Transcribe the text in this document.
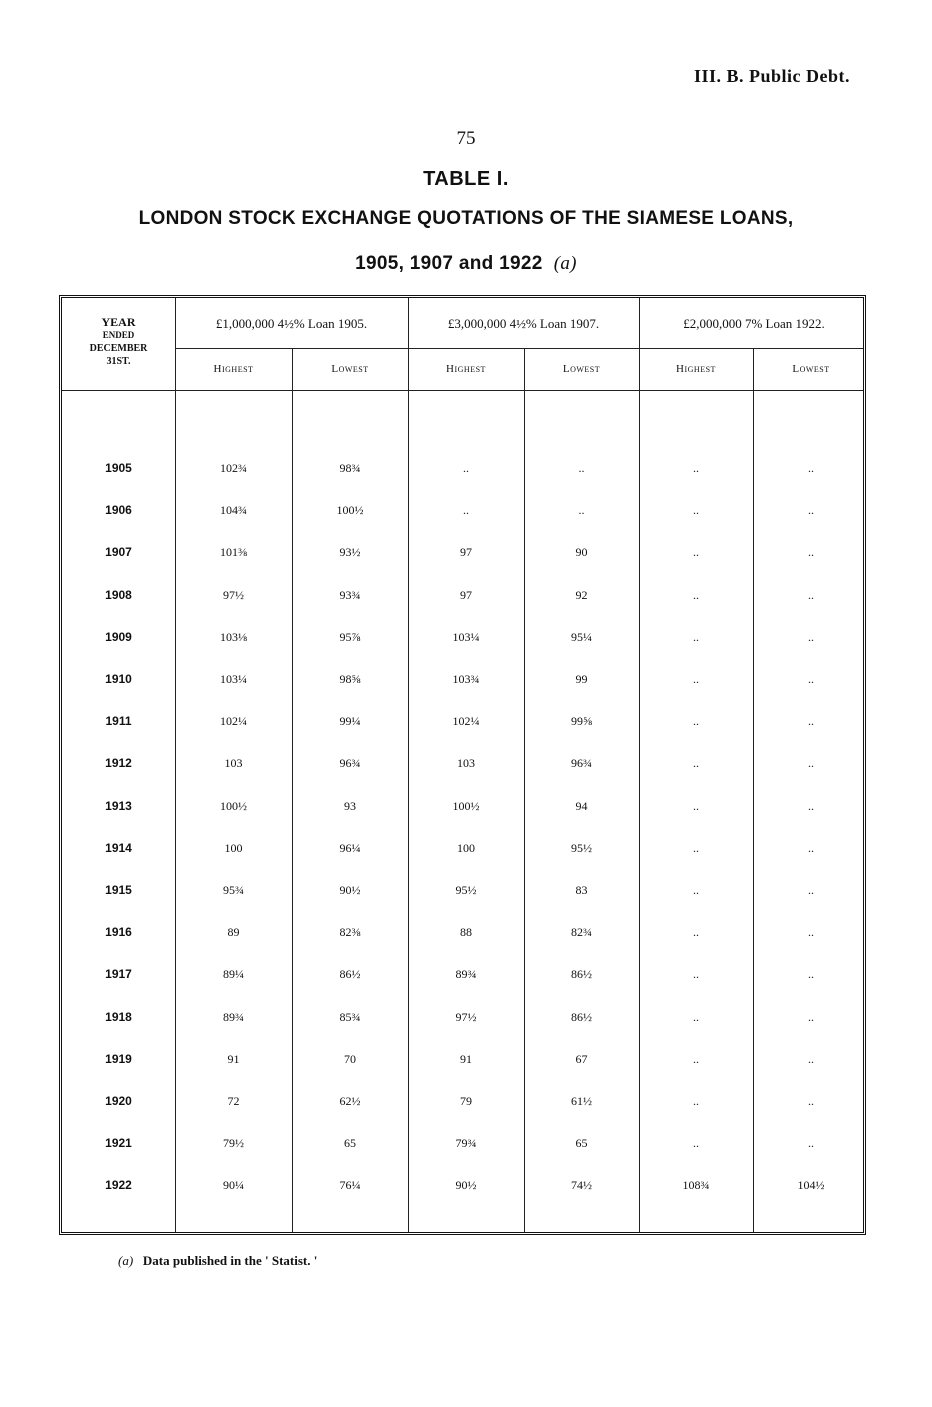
III. B. Public Debt.
75
TABLE I.
LONDON STOCK EXCHANGE QUOTATIONS OF THE SIAMESE LOANS,
1905, 1907 and 1922 (a)
YEAR
ENDED
DECEMBER
31ST.
£1,000,000 4½% Loan 1905.	£3,000,000 4½% Loan 1907.	£2,000,000 7% Loan 1922.
Highest	Lowest	Highest	Lowest	Highest	Lowest
1905	102¾	98¾	..	..	..	..
1906	104¾	100½	..	..	..	..
1907	101⅜	93½	97	90	..	..
1908	97½	93¾	97	92	..	..
1909	103⅛	95⅞	103¼	95¼	..	..
1910	103¼	98⅝	103¾	99	..	..
1911	102¼	99¼	102¼	99⅝	..	..
1912	103	96¾	103	96¾	..	..
1913	100½	93	100½	94	..	..
1914	100	96¼	100	95½	..	..
1915	95¾	90½	95½	83	..	..
1916	89	82⅜	88	82¾	..	..
1917	89¼	86½	89¾	86½	..	..
1918	89¾	85¾	97½	86½	..	..
1919	91	70	91	67	..	..
1920	72	62½	79	61½	..	..
1921	79½	65	79¾	65	..	..
1922	90¼	76¼	90½	74½	108¾	104½
(a) Data published in the ' Statist. '
